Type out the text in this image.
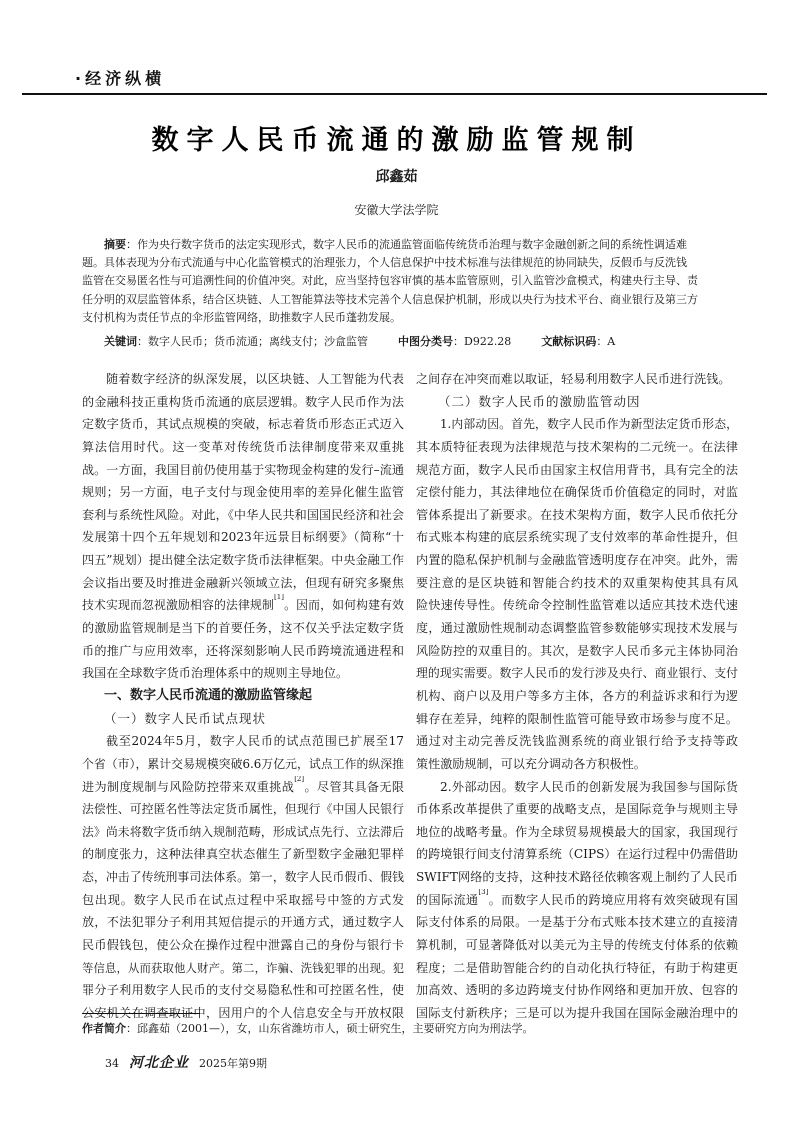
·经济纵横
数字人民币流通的激励监管规制
邱鑫茹
安徽大学法学院
摘要：作为央行数字货币的法定实现形式，数字人民币的流通监管面临传统货币治理与数字金融创新之间的系统性调适难
题。具体表现为分布式流通与中心化监管模式的治理张力，个人信息保护中技术标准与法律规范的协同缺失，反假币与反洗钱
监管在交易匿名性与可追溯性间的价值冲突。对此，应当坚持包容审慎的基本监管原则，引入监管沙盒模式，构建央行主导、责
任分明的双层监管体系，结合区块链、人工智能算法等技术完善个人信息保护机制，形成以央行为技术平台、商业银行及第三方
支付机构为责任节点的伞形监管网络，助推数字人民币蓬勃发展。
关键词：数字人民币；货币流通；离线支付；沙盒监管	中图分类号：D922.28	文献标识码：A
随着数字经济的纵深发展，以区块链、人工智能为代表
的金融科技正重构货币流通的底层逻辑。数字人民币作为法
定数字货币，其试点规模的突破，标志着货币形态正式迈入
算法信用时代。这一变革对传统货币法律制度带来双重挑
战。一方面，我国目前仍使用基于实物现金构建的发行–流通
规则；另一方面，电子支付与现金使用率的差异化催生监管
套利与系统性风险。对此，《中华人民共和国国民经济和社会
发展第十四个五年规划和2023年远景目标纲要》（简称“十
四五”规划）提出健全法定数字货币法律框架。中央金融工作
会议指出要及时推进金融新兴领域立法，但现有研究多聚焦
技术实现而忽视激励相容的法律规制[1]。因而，如何构建有效
的激励监管规制是当下的首要任务，这不仅关乎法定数字货
币的推广与应用效率，还将深刻影响人民币跨境流通进程和
我国在全球数字货币治理体系中的规则主导地位。
一、数字人民币流通的激励监管缘起
（一）数字人民币试点现状
截至2024年5月，数字人民币的试点范围已扩展至17
个省（市），累计交易规模突破6.6万亿元，试点工作的纵深推
进为制度规制与风险防控带来双重挑战[2]。尽管其具备无限
法偿性、可控匿名性等法定货币属性，但现行《中国人民银行
法》尚未将数字货币纳入规制范畴，形成试点先行、立法滞后
的制度张力，这种法律真空状态催生了新型数字金融犯罪样
态，冲击了传统刑事司法体系。第一，数字人民币假币、假钱
包出现。数字人民币在试点过程中采取摇号中签的方式发
放，不法犯罪分子利用其短信提示的开通方式，通过数字人
民币假钱包，使公众在操作过程中泄露自己的身份与银行卡
等信息，从而获取他人财产。第二，诈骗、洗钱犯罪的出现。犯
罪分子利用数字人民币的支付交易隐私性和可控匿名性，使
公安机关在调查取证中，因用户的个人信息安全与开放权限
之间存在冲突而难以取证，轻易利用数字人民币进行洗钱。
（二）数字人民币的激励监管动因
1.内部动因。首先，数字人民币作为新型法定货币形态，
其本质特征表现为法律规范与技术架构的二元统一。在法律
规范方面，数字人民币由国家主权信用背书，具有完全的法
定偿付能力，其法律地位在确保货币价值稳定的同时，对监
管体系提出了新要求。在技术架构方面，数字人民币依托分
布式账本构建的底层系统实现了支付效率的革命性提升，但
内置的隐私保护机制与金融监管透明度存在冲突。此外，需
要注意的是区块链和智能合约技术的双重架构使其具有风
险快速传导性。传统命令控制性监管难以适应其技术迭代速
度，通过激励性规制动态调整监管参数能够实现技术发展与
风险防控的双重目的。其次，是数字人民币多元主体协同治
理的现实需要。数字人民币的发行涉及央行、商业银行、支付
机构、商户以及用户等多方主体，各方的利益诉求和行为逻
辑存在差异，纯粹的限制性监管可能导致市场参与度不足。
通过对主动完善反洗钱监测系统的商业银行给予支持等政
策性激励规制，可以充分调动各方积极性。
2.外部动因。数字人民币的创新发展为我国参与国际货
币体系改革提供了重要的战略支点，是国际竞争与规则主导
地位的战略考量。作为全球贸易规模最大的国家，我国现行
的跨境银行间支付清算系统（CIPS）在运行过程中仍需借助
SWIFT网络的支持，这种技术路径依赖客观上制约了人民币
的国际流通[3]。而数字人民币的跨境应用将有效突破现有国
际支付体系的局限。一是基于分布式账本技术建立的直接清
算机制，可显著降低对以美元为主导的传统支付体系的依赖
程度；二是借助智能合约的自动化执行特征，有助于构建更
加高效、透明的多边跨境支付协作网络和更加开放、包容的
国际支付新秩序；三是可以为提升我国在国际金融治理中的
作者简介：邱鑫茹（2001—），女，山东省潍坊市人，硕士研究生，主要研究方向为刑法学。
34 河北企业 2025年第9期
